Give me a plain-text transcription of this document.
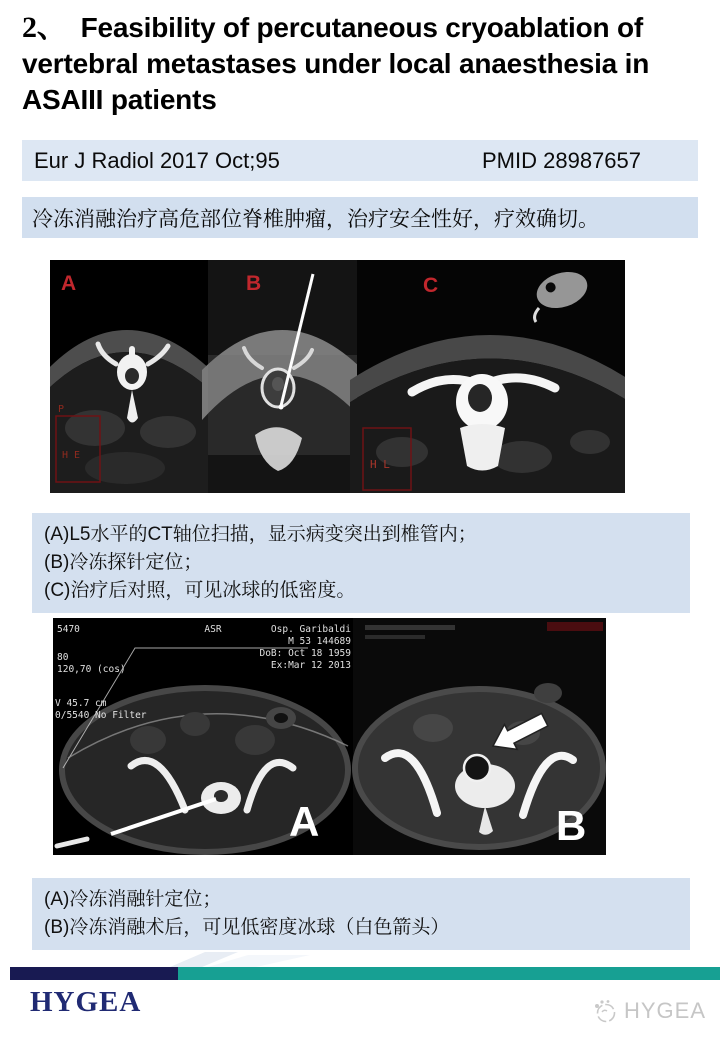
2、 Feasibility of percutaneous cryoablation of vertebral metastases under local anaesthesia in ASAIII patients
Eur J Radiol 2017 Oct;95	PMID 28987657
冷冻消融治疗高危部位脊椎肿瘤，治疗安全性好，疗效确切。
A	B	C
P
H E
H L
(A)L5水平的CT轴位扫描，显示病变突出到椎管内；
(B)冷冻探针定位；
(C)治疗后对照，可见冰球的低密度。
5470
80
120,70 (cos)
V 45.7 cm
0/5540 No Filter
ASR	Osp. Garibaldi
M 53 144689
DoB: Oct 18 1959
Ex:Mar 12 2013
A	B
(A)冷冻消融针定位；
(B)冷冻消融术后，可见低密度冰球（白色箭头）
HYGEA	HYGEA
